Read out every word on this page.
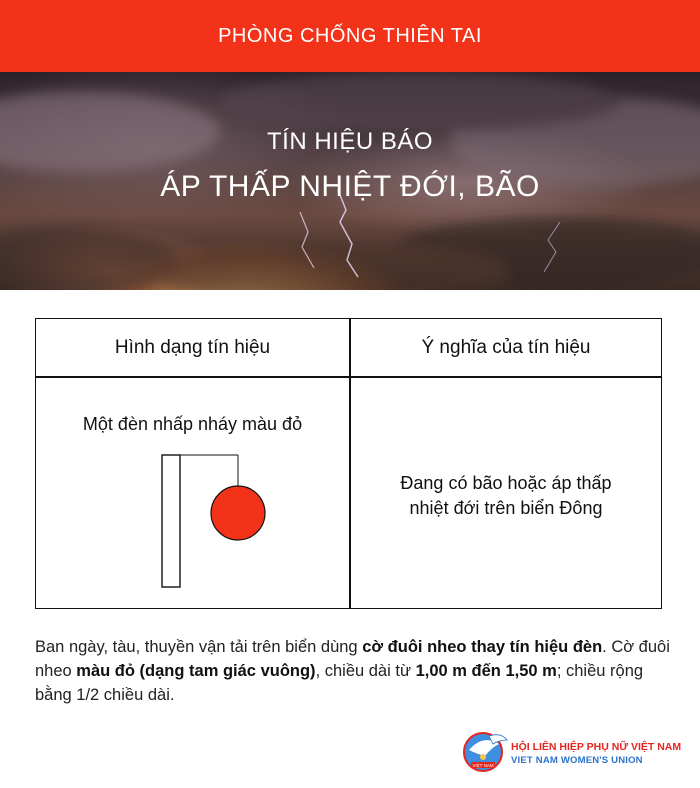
PHÒNG CHỐNG THIÊN TAI
TÍN HIỆU BÁO
ÁP THẤP NHIỆT ĐỚI, BÃO
Hình dạng tín hiệu	Ý nghĩa của tín hiệu
Một đèn nhấp nháy màu đỏ
Đang có bão hoặc áp thấp
nhiệt đới trên biển Đông
Ban ngày, tàu, thuyền vận tải trên biển dùng cờ đuôi nheo thay tín hiệu đèn. Cờ đuôi nheo màu đỏ (dạng tam giác vuông), chiều dài từ 1,00 m đến 1,50 m; chiều rộng bằng 1/2 chiều dài.
VIỆT NAM
HỘI LIÊN HIỆP PHỤ NỮ VIỆT NAM
VIET NAM WOMEN'S UNION
